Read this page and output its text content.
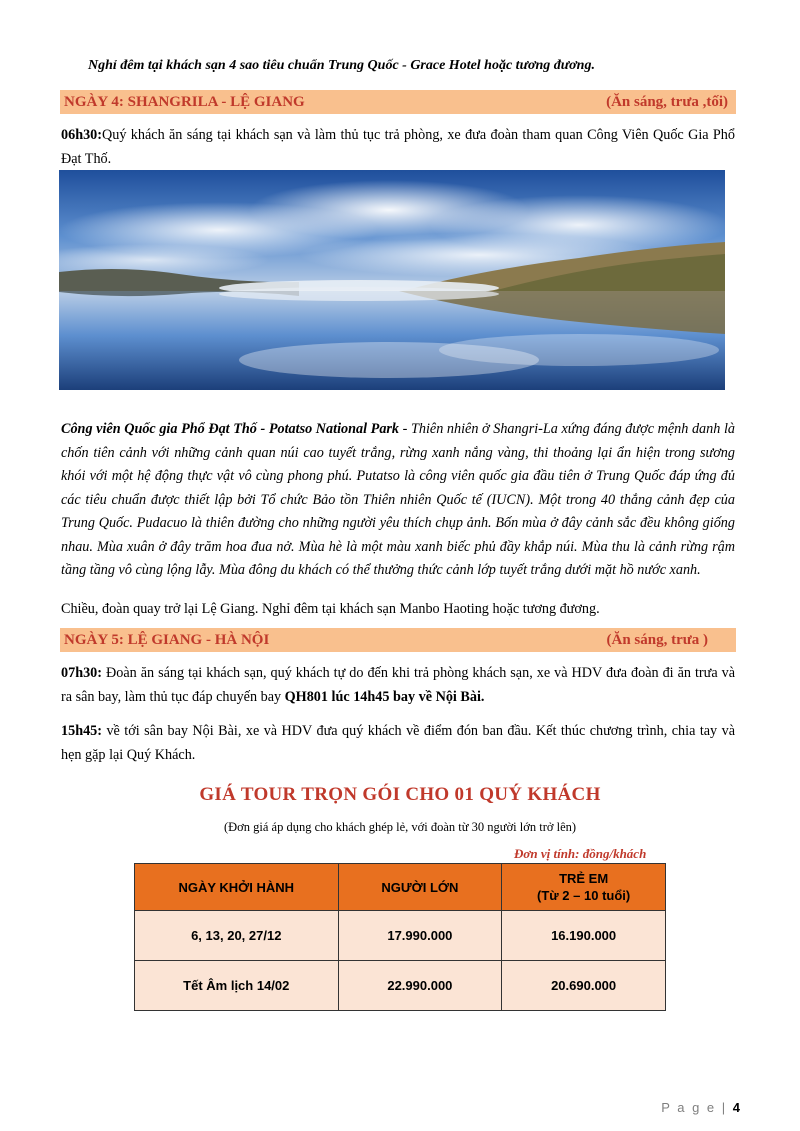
Nghỉ đêm tại khách sạn 4 sao tiêu chuẩn Trung Quốc - Grace Hotel hoặc tương đương.
NGÀY 4: SHANGRILA - LỆ GIANG	(Ăn sáng, trưa ,tối)
06h30:Quý khách ăn sáng tại khách sạn và làm thủ tục trả phòng, xe đưa đoàn tham quan Công Viên Quốc Gia Phổ Đạt Thố.
Công viên Quốc gia Phổ Đạt Thố - Potatso National Park - Thiên nhiên ở Shangri-La xứng đáng được mệnh danh là chốn tiên cảnh với những cảnh quan núi cao tuyết trắng, rừng xanh nắng vàng, thi thoảng lại ẩn hiện trong sương khói với một hệ động thực vật vô cùng phong phú. Putatso là công viên quốc gia đầu tiên ở Trung Quốc đáp ứng đủ các tiêu chuẩn được thiết lập bởi Tổ chức Bảo tồn Thiên nhiên Quốc tế (IUCN). Một trong 40 thắng cảnh đẹp của Trung Quốc. Pudacuo là thiên đường cho những người yêu thích chụp ảnh. Bốn mùa ở đây cảnh sắc đều không giống nhau. Mùa xuân ở đây trăm hoa đua nở. Mùa hè là một màu xanh biếc phủ đầy khắp núi. Mùa thu là cảnh rừng rậm tầng tầng vô cùng lộng lẫy. Mùa đông du khách có thể thưởng thức cảnh lớp tuyết trắng dưới mặt hồ nước xanh.
Chiều, đoàn quay trở lại Lệ Giang. Nghỉ đêm tại khách sạn Manbo Haoting hoặc tương đương.
NGÀY 5: LỆ GIANG - HÀ NỘI	(Ăn sáng, trưa )
07h30: Đoàn ăn sáng tại khách sạn, quý khách tự do đến khi trả phòng khách sạn, xe và HDV đưa đoàn đi ăn trưa và ra sân bay, làm thủ tục đáp chuyến bay QH801 lúc 14h45 bay về Nội Bài.
15h45: về tới sân bay Nội Bài, xe và HDV đưa quý khách về điểm đón ban đầu. Kết thúc chương trình, chia tay và hẹn gặp lại Quý Khách.
GIÁ TOUR TRỌN GÓI CHO 01 QUÝ KHÁCH
(Đơn giá áp dụng cho khách ghép lẻ, với đoàn từ 30 người lớn trở lên)
Đơn vị tính: đồng/khách
NGÀY KHỞI HÀNH	NGƯỜI LỚN	TRẺ EM
(Từ 2 – 10 tuổi)
6, 13, 20, 27/12	17.990.000	16.190.000
Tết Âm lịch 14/02	22.990.000	20.690.000
P a g e | 4
